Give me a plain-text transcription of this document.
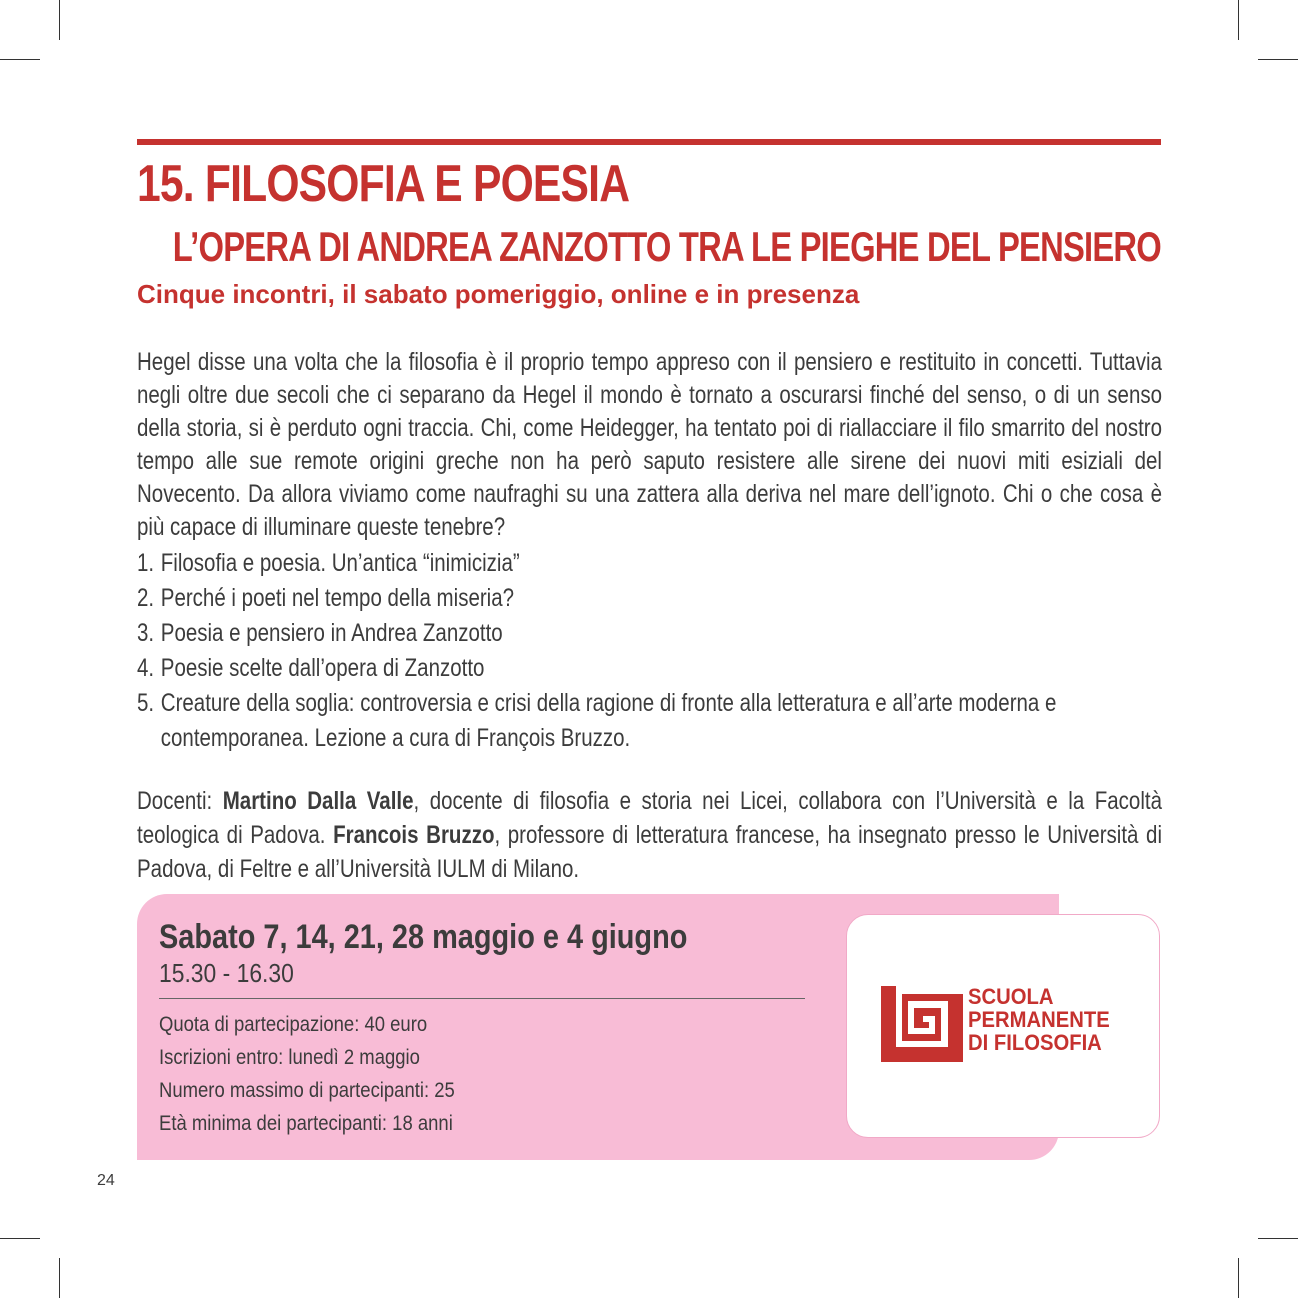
15. FILOSOFIA E POESIA
L’OPERA DI ANDREA ZANZOTTO TRA LE PIEGHE DEL PENSIERO

Cinque incontri, il sabato pomeriggio, online e in presenza

Hegel disse una volta che la filosofia è il proprio tempo appreso con il pensiero e restituito in concetti. Tuttavia negli oltre due secoli che ci separano da Hegel il mondo è tornato a oscurarsi finché del senso, o di un senso della storia, si è perduto ogni traccia. Chi, come Heidegger, ha tentato poi di riallacciare il filo smarrito del nostro tempo alle sue remote origini greche non ha però saputo resistere alle sirene dei nuovi miti esiziali del Novecento. Da allora viviamo come naufraghi su una zattera alla deriva nel mare dell’ignoto. Chi o che cosa è più capace di illuminare queste tenebre?

1. Filosofia e poesia. Un’antica “inimicizia”
2. Perché i poeti nel tempo della miseria?
3. Poesia e pensiero in Andrea Zanzotto
4. Poesie scelte dall’opera di Zanzotto
5. Creature della soglia: controversia e crisi della ragione di fronte alla letteratura e all’arte moderna e contemporanea. Lezione a cura di François Bruzzo.

Docenti: Martino Dalla Valle, docente di filosofia e storia nei Licei, collabora con l’Università e la Facoltà teologica di Padova. Francois Bruzzo, professore di letteratura francese, ha insegnato presso le Università di Padova, di Feltre e all’Università IULM di Milano.

Sabato 7, 14, 21, 28 maggio e 4 giugno

15.30 - 16.30

Quota di partecipazione: 40 euro
Iscrizioni entro: lunedì 2 maggio
Numero massimo di partecipanti: 25
Età minima dei partecipanti: 18 anni
SCUOLA
PERMANENTE
DI FILOSOFIA

24
